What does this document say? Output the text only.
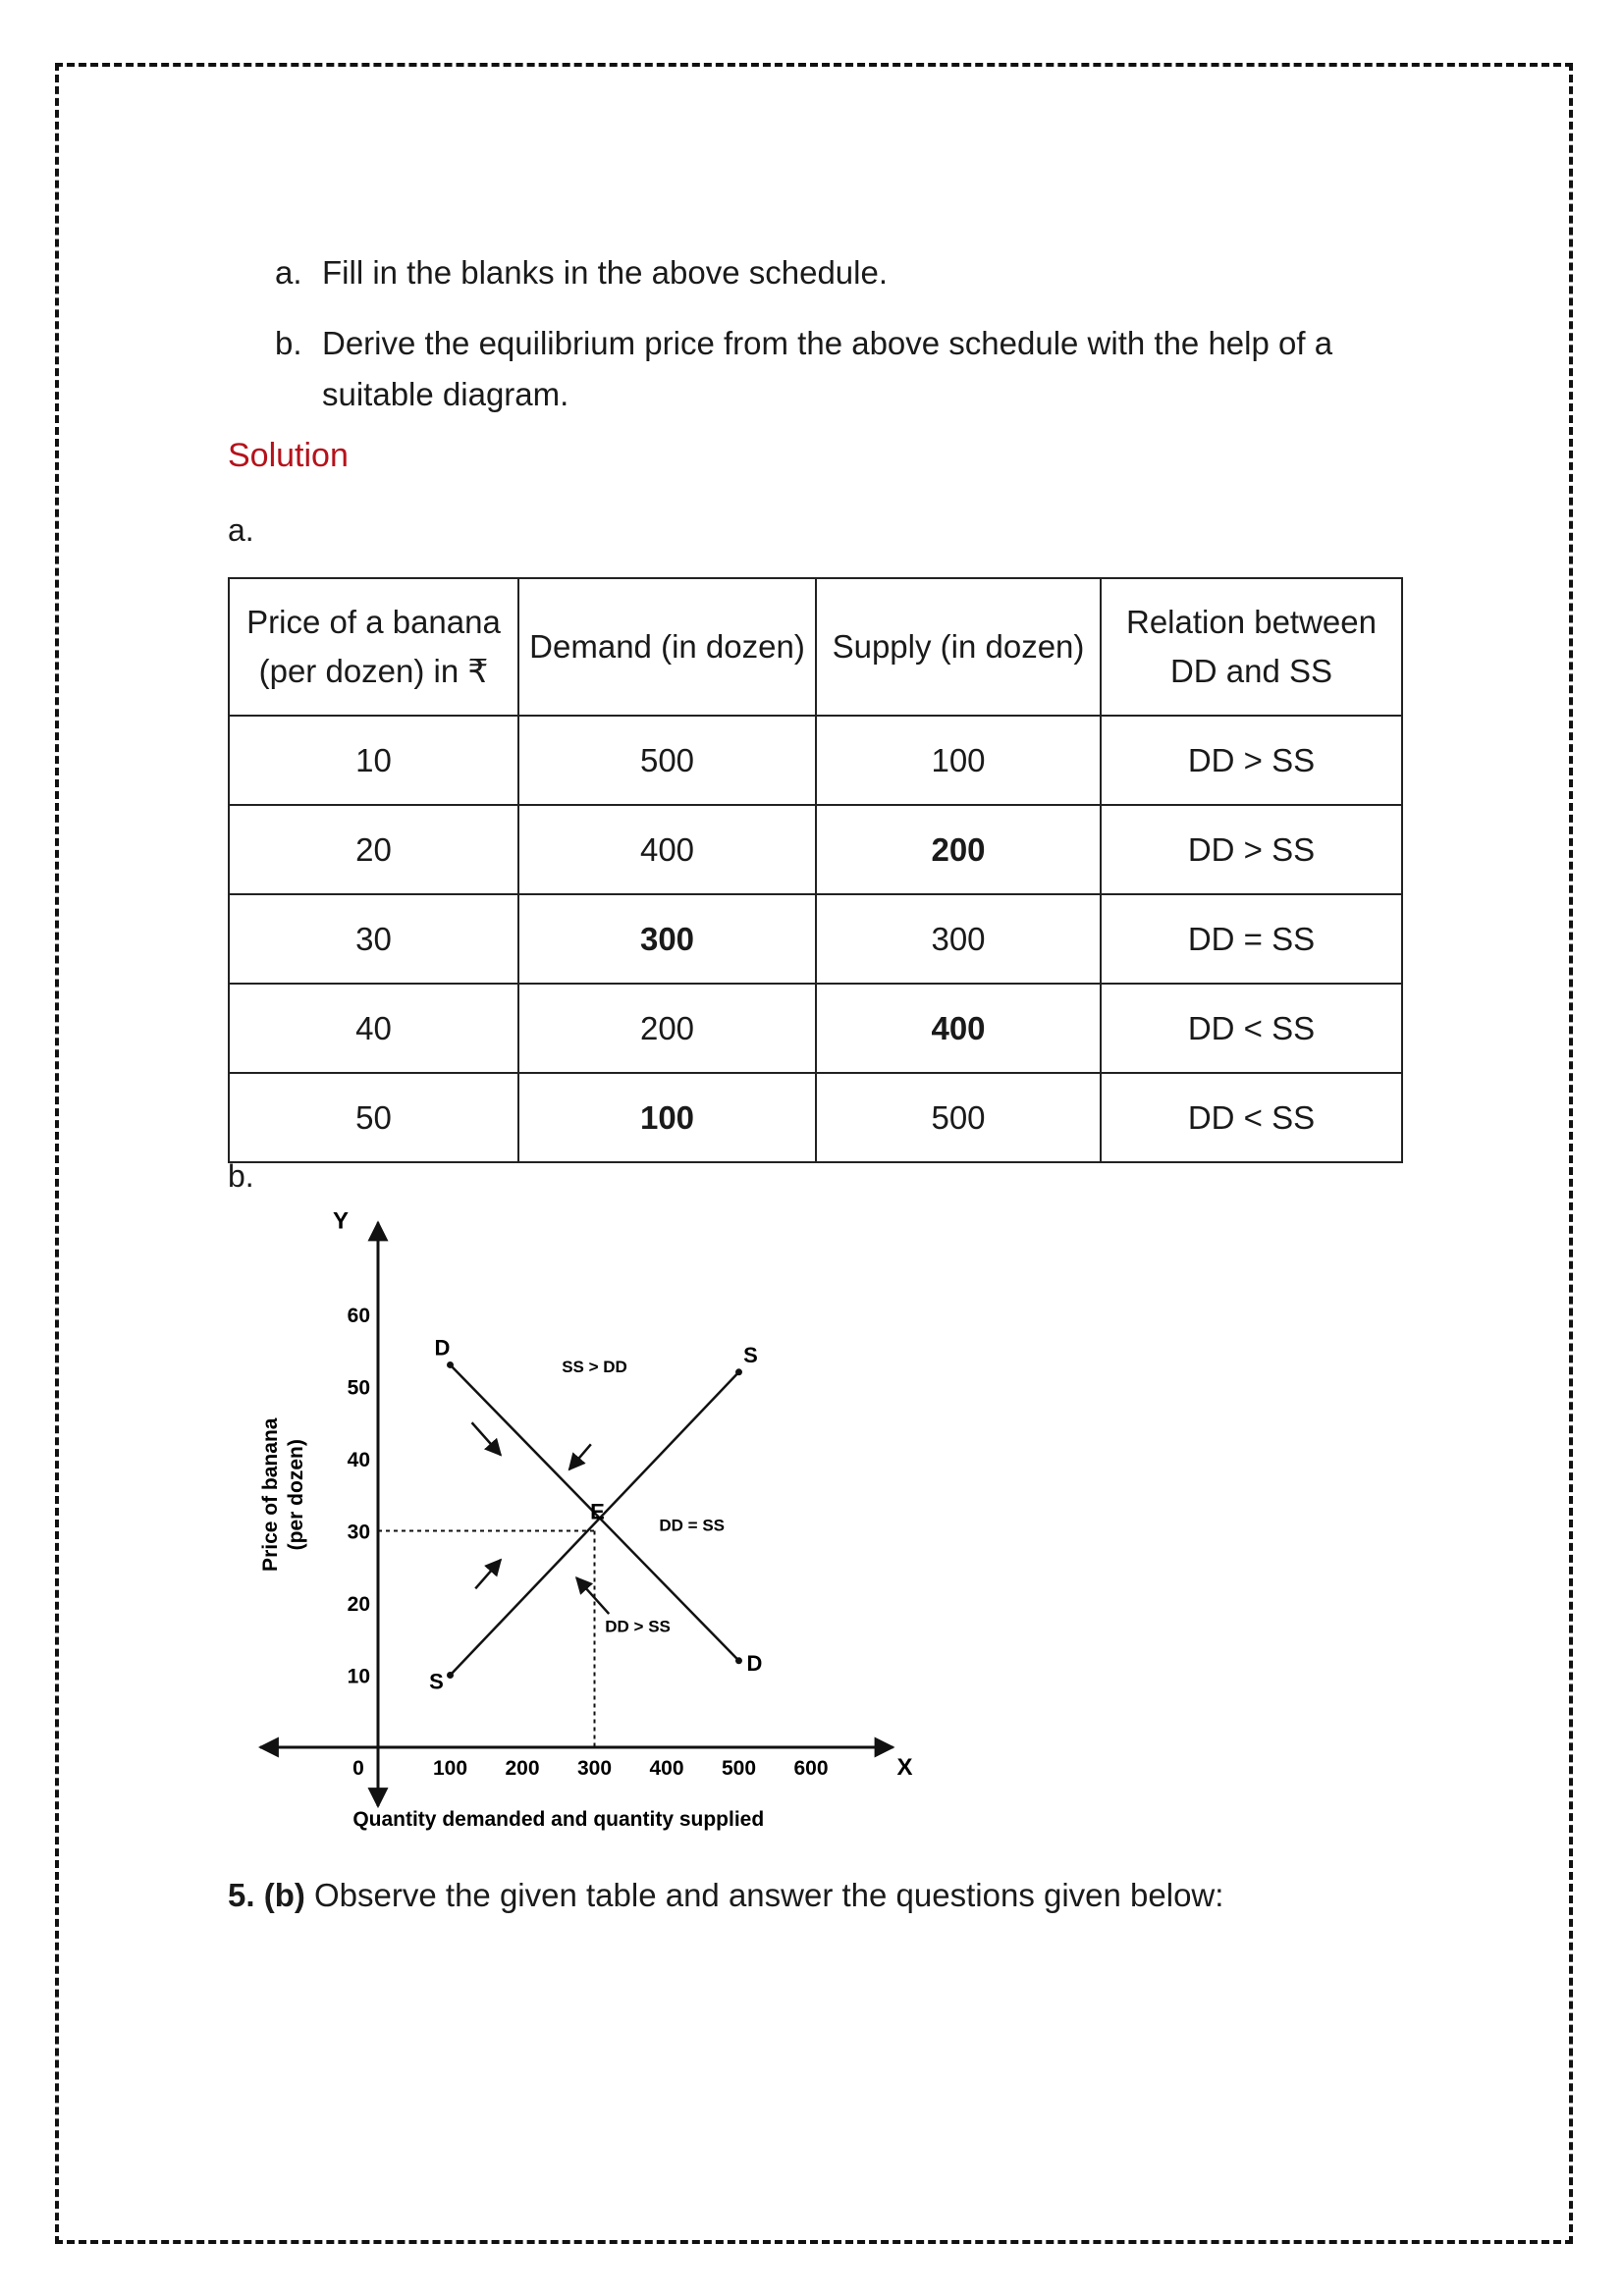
a. Fill in the blanks in the above schedule.
b. Derive the equilibrium price from the above schedule with the help of a suitable diagram.
Solution
a.
Price of a banana (per dozen) in ₹	Demand (in dozen)	Supply (in dozen)	Relation between DD and SS
10	500	100	DD > SS
20	400	200	DD > SS
30	300	300	DD = SS
40	200	400	DD < SS
50	100	500	DD < SS
b.
X
Y
0	100 200 300 400 500 600
10
20
30
40
50
60
Quantity demanded and quantity supplied
Price of banana (per dozen)
D
D
S
S
E
SS > DD
DD = SS
DD > SS
5. (b) Observe the given table and answer the questions given below:
